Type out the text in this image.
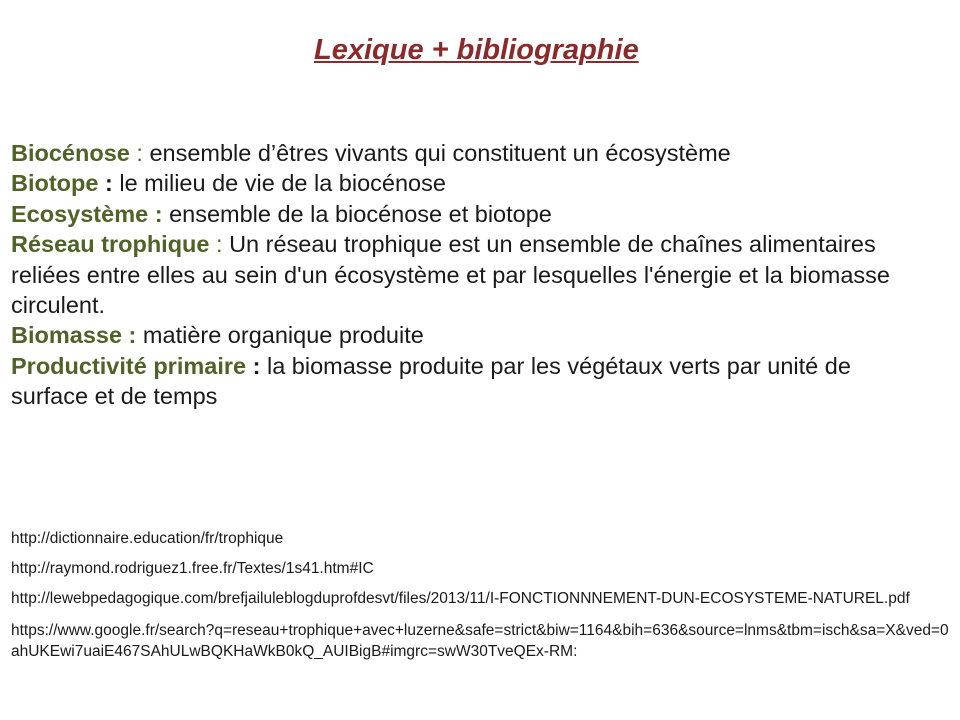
Lexique + bibliographie

Biocénose : ensemble d’êtres vivants qui constituent un écosystème

Biotope : le milieu de vie de la biocénose

Ecosystème : ensemble de la biocénose et biotope

Réseau trophique : Un réseau trophique est un ensemble de chaînes alimentaires reliées entre elles au sein d'un écosystème et par lesquelles l'énergie et la biomasse circulent.

Biomasse : matière organique produite

Productivité primaire : la biomasse produite par les végétaux verts par unité de surface et de temps

http://dictionnaire.education/fr/trophique
http://raymond.rodriguez1.free.fr/Textes/1s41.htm#IC
http://lewebpedagogique.com/brefjailuleblogduprofdesvt/files/2013/11/I-FONCTIONNNEMENT-DUN-ECOSYSTEME-NATUREL.pdf
https://www.google.fr/search?q=reseau+trophique+avec+luzerne&safe=strict&biw=1164&bih=636&source=lnms&tbm=isch&sa=X&ved=0ahUKEwi7uaiE467SAhULwBQKHaWkB0kQ_AUIBigB#imgrc=swW30TveQEx-RM:
